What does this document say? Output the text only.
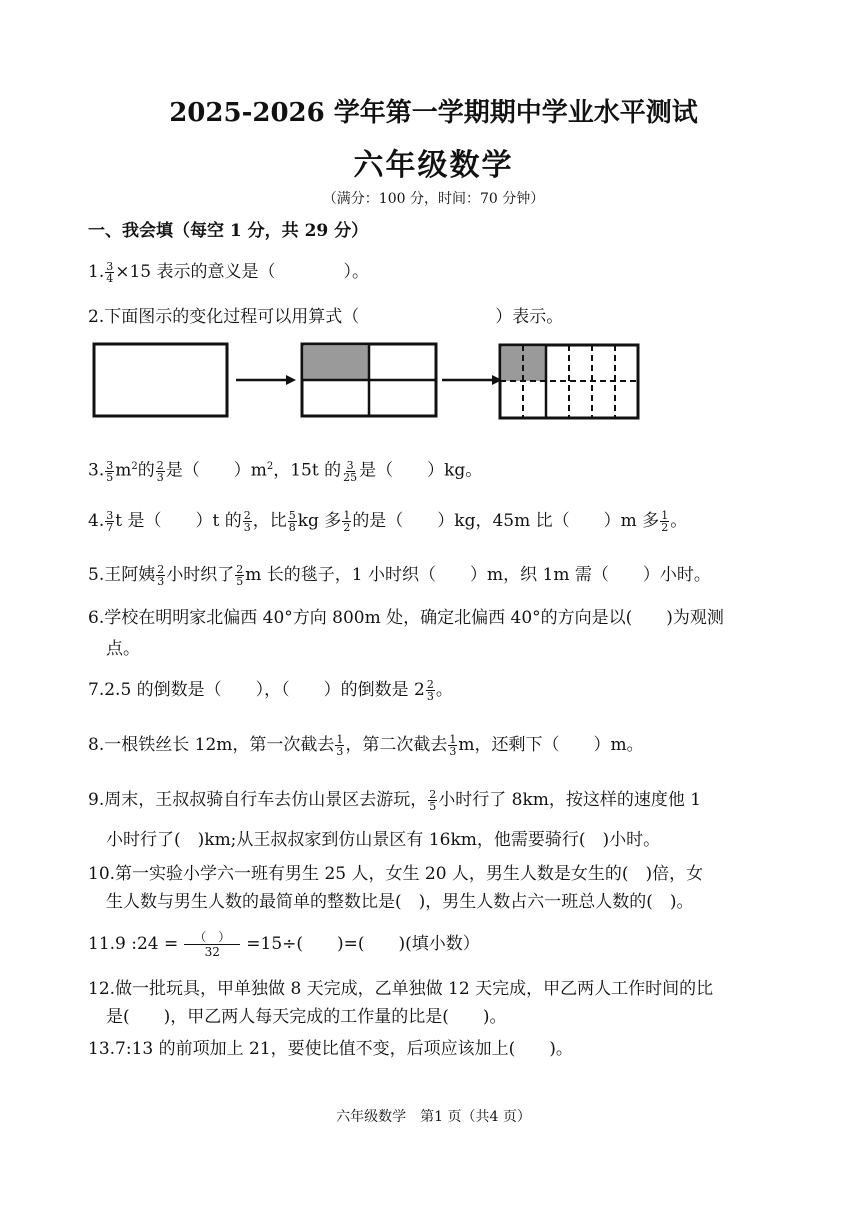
2025-2026 学年第一学期期中学业水平测试
六年级数学
（满分：100 分，时间：70 分钟）
一、我会填（每空 1 分，共 29 分）
1. $\frac{3}{4} \times 15$ 表示的意义是（　　　　）。
2.下面图示的变化过程可以用算式（　　　　　　　　）表示。
3. $\frac{3}{5} m^2$的 $\frac{2}{3}$ 是（　　）$m^2$，15t 的 $\frac{3}{25}$ 是（　　）kg。
4. $\frac{3}{7}$ t 是（　　）t 的 $\frac{2}{3}$ ，比 $\frac{5}{8}$ kg 多 $\frac{1}{2}$ 的是（　　）kg，45m 比（　　）m 多 $\frac{1}{2}$ 。
5.王阿姨 $\frac{2}{3}$ 小时织了 $\frac{2}{5}$ m 长的毯子，1 小时织（　　）m，织 1m 需（　　）小时。
6.学校在明明家北偏西 40°方向 800m 处，确定北偏西 40°的方向是以(　　)为观测
点。
7.2.5 的倒数是（　　），（　　）的倒数是 $2 \frac{2}{3}$ 。
8.一根铁丝长 12m，第一次截去 $\frac{1}{3}$ ，第二次截去 $\frac{1}{3}$ m，还剩下（　　）m。
9.周末，王叔叔骑自行车去仿山景区去游玩， $\frac{2}{5}$ 小时行了 8km，按这样的速度他 1
小时行了(　)km;从王叔叔家到仿山景区有 16km，他需要骑行(　)小时。
10.第一实验小学六一班有男生 25 人，女生 20 人，男生人数是女生的(　)倍，女
生人数与男生人数的最简单的整数比是(　)，男生人数占六一班总人数的(　)。
11.9 :24 =	（　）
32 =15÷(　　)=(　　)(填小数）
12.做一批玩具，甲单独做 8 天完成，乙单独做 12 天完成，甲乙两人工作时间的比
是(　　)，甲乙两人每天完成的工作量的比是(　　)。
13.7:13 的前项加上 21，要使比值不变，后项应该加上(　　)。
六年级数学　第1 页（共4 页）
